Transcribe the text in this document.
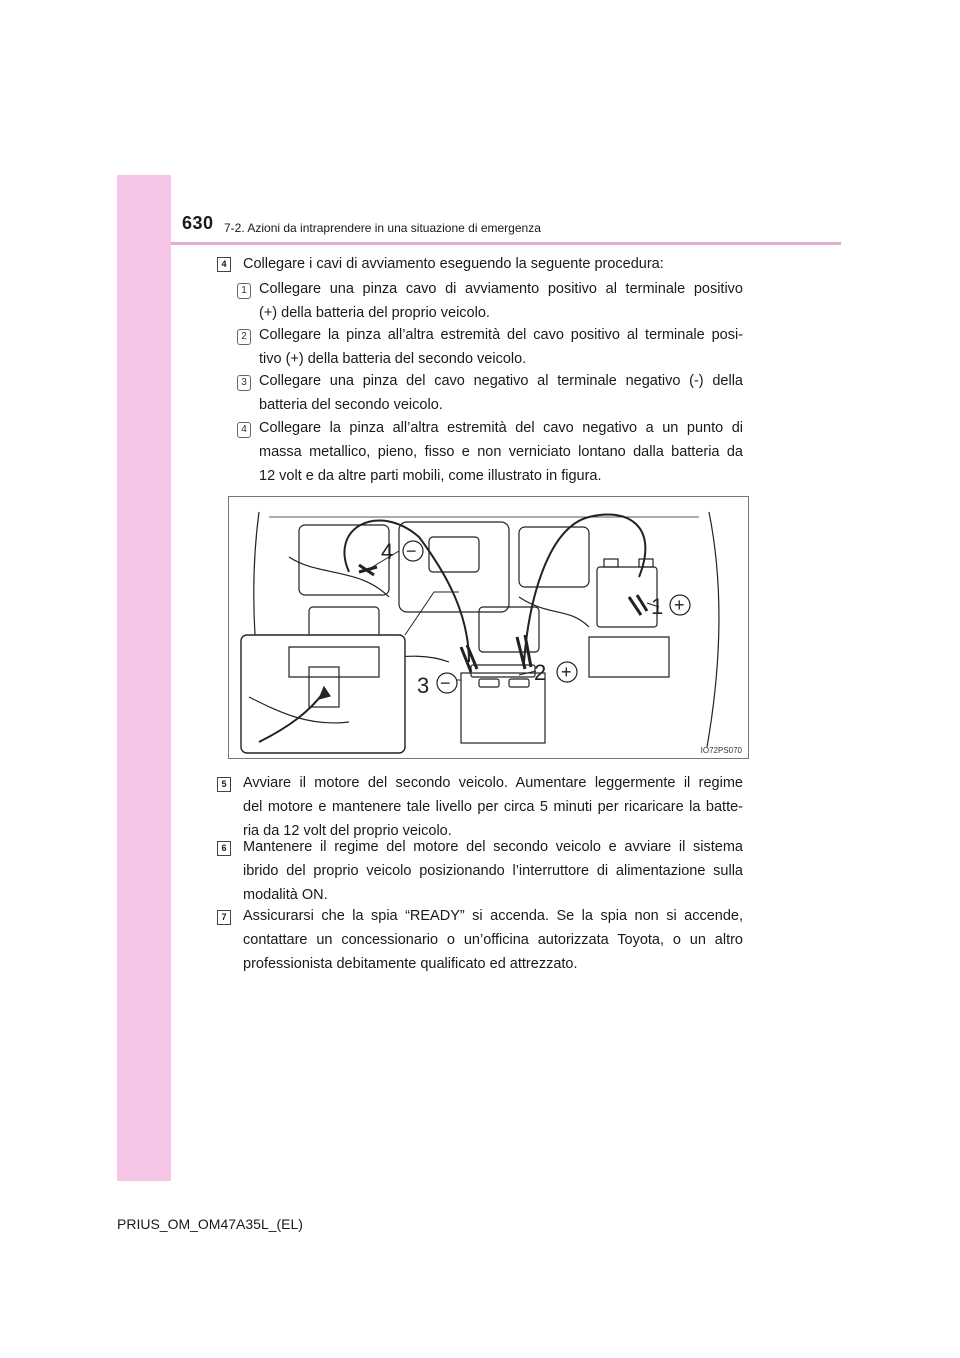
630 7-2. Azioni da intraprendere in una situazione di emergenza
4	Collegare i cavi di avviamento eseguendo la seguente procedura:
1 Collegare una pinza cavo di avviamento positivo al terminale positivo
(+) della batteria del proprio veicolo.
2 Collegare la pinza all’altra estremità del cavo positivo al terminale posi-
tivo (+) della batteria del secondo veicolo.
3 Collegare una pinza del cavo negativo al terminale negativo (-) della
batteria del secondo veicolo.
4 Collegare la pinza all’altra estremità del cavo negativo a un punto di
massa metallico, pieno, fisso e non verniciato lontano dalla batteria da
12 volt e da altre parti mobili, come illustrato in figura.
4 −
1 +
3 −	2 +
IO72PS070
5	Avviare il motore del secondo veicolo. Aumentare leggermente il regime
del motore e mantenere tale livello per circa 5 minuti per ricaricare la batte-
ria da 12 volt del proprio veicolo.
6	Mantenere il regime del motore del secondo veicolo e avviare il sistema
ibrido del proprio veicolo posizionando l’interruttore di alimentazione sulla
modalità ON.
7	Assicurarsi che la spia “READY” si accenda. Se la spia non si accende,
contattare un concessionario o un’officina autorizzata Toyota, o un altro
professionista debitamente qualificato ed attrezzato.
PRIUS_OM_OM47A35L_(EL)
